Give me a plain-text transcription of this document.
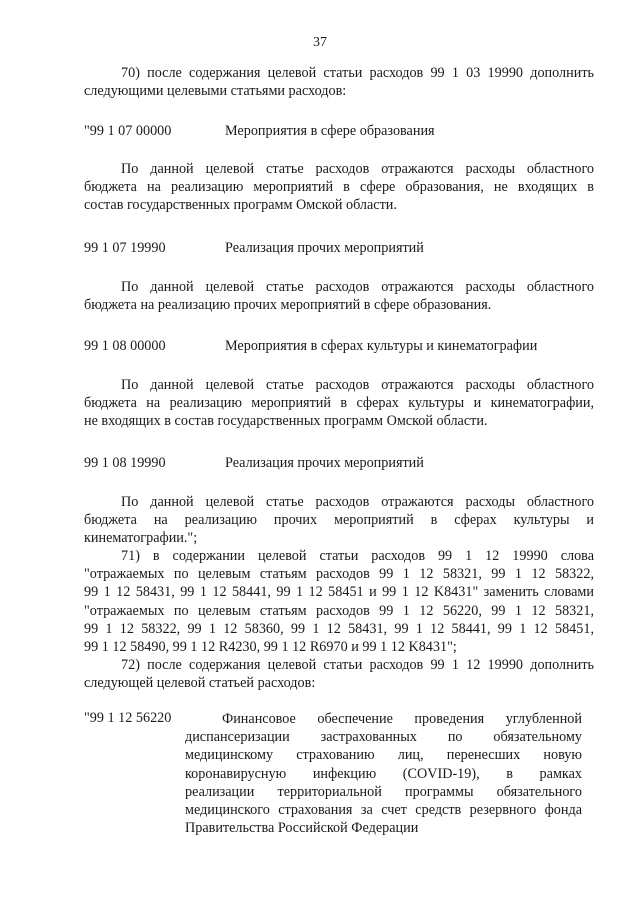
37
70) после содержания целевой статьи расходов 99 1 03 19990 дополнить
следующими целевыми статьями расходов:
"99 1 07 00000	Мероприятия в сфере образования
По данной целевой статье расходов отражаются расходы областного
бюджета на реализацию мероприятий в сфере образования, не входящих в
состав государственных программ Омской области.
99 1 07 19990	Реализация прочих мероприятий
По данной целевой статье расходов отражаются расходы областного
бюджета на реализацию прочих мероприятий в сфере образования.
99 1 08 00000	Мероприятия в сферах культуры и кинематографии
По данной целевой статье расходов отражаются расходы областного
бюджета на реализацию мероприятий в сферах культуры и кинематографии,
не входящих в состав государственных программ Омской области.
99 1 08 19990	Реализация прочих мероприятий
По данной целевой статье расходов отражаются расходы областного
бюджета на реализацию прочих мероприятий в сферах культуры и
кинематографии.";
71) в содержании целевой статьи расходов 99 1 12 19990 слова
"отражаемых по целевым статьям расходов 99 1 12 58321, 99 1 12 58322,
99 1 12 58431, 99 1 12 58441, 99 1 12 58451 и 99 1 12 K8431" заменить словами
"отражаемых по целевым статьям расходов 99 1 12 56220, 99 1 12 58321,
99 1 12 58322, 99 1 12 58360, 99 1 12 58431, 99 1 12 58441, 99 1 12 58451,
99 1 12 58490, 99 1 12 R4230, 99 1 12 R6970 и 99 1 12 K8431";
72) после содержания целевой статьи расходов 99 1 12 19990 дополнить
следующей целевой статьей расходов:
"99 1 12 56220	Финансовое обеспечение проведения углубленной
диспансеризации застрахованных по обязательному
медицинскому страхованию лиц, перенесших новую
коронавирусную инфекцию (COVID-19), в рамках
реализации территориальной программы обязательного
медицинского страхования за счет средств резервного фонда
Правительства Российской Федерации
